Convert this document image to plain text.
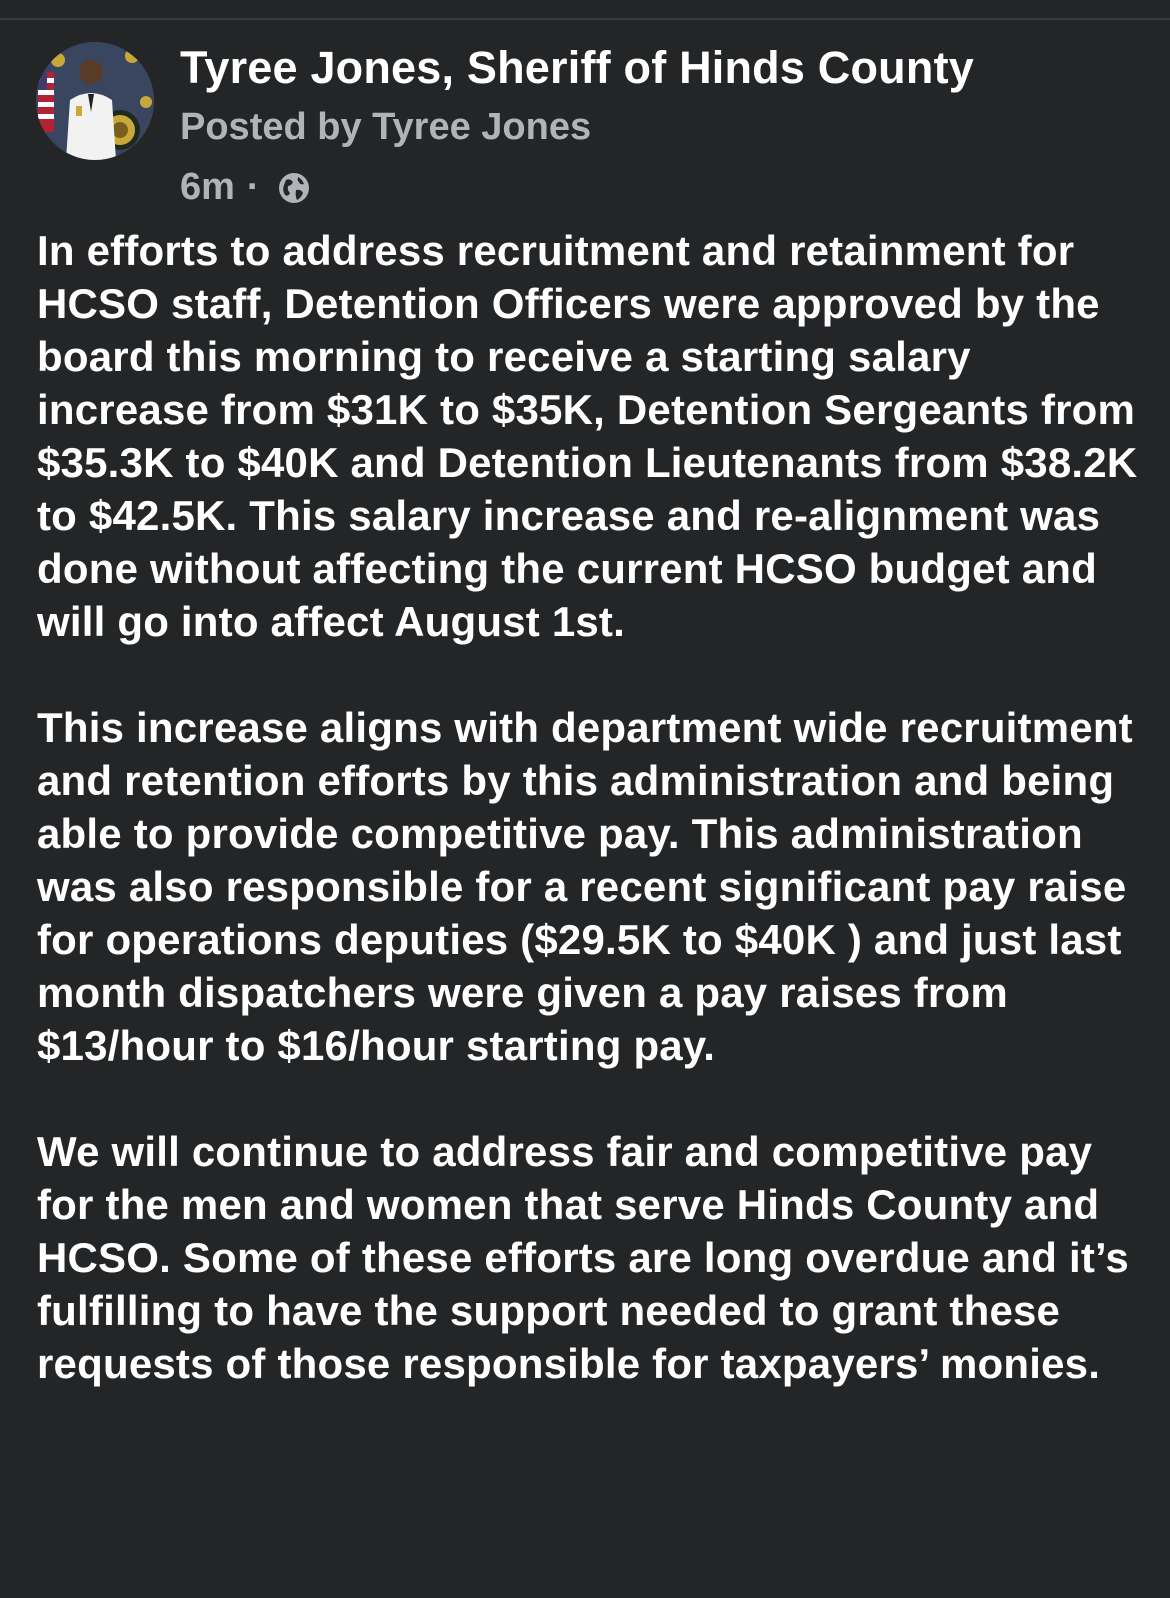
Tyree Jones, Sheriff of Hinds County
Posted by Tyree Jones
6m ·

In efforts to address recruitment and retainment for HCSO staff, Detention Officers were approved by the board this morning to receive a starting salary increase from $31K to $35K, Detention Sergeants from $35.3K to $40K and Detention Lieutenants from $38.2K to $42.5K. This salary increase and re-alignment was done without affecting the current HCSO budget and will go into affect August 1st.

This increase aligns with department wide recruitment and retention efforts by this administration and being able to provide competitive pay. This administration was also responsible for a recent significant pay raise for operations deputies ($29.5K to $40K ) and just last month dispatchers were given a pay raises from $13/hour to $16/hour starting pay.

We will continue to address fair and competitive pay for the men and women that serve Hinds County and HCSO. Some of these efforts are long overdue and it’s fulfilling to have the support needed to grant these requests of those responsible for taxpayers’ monies.
